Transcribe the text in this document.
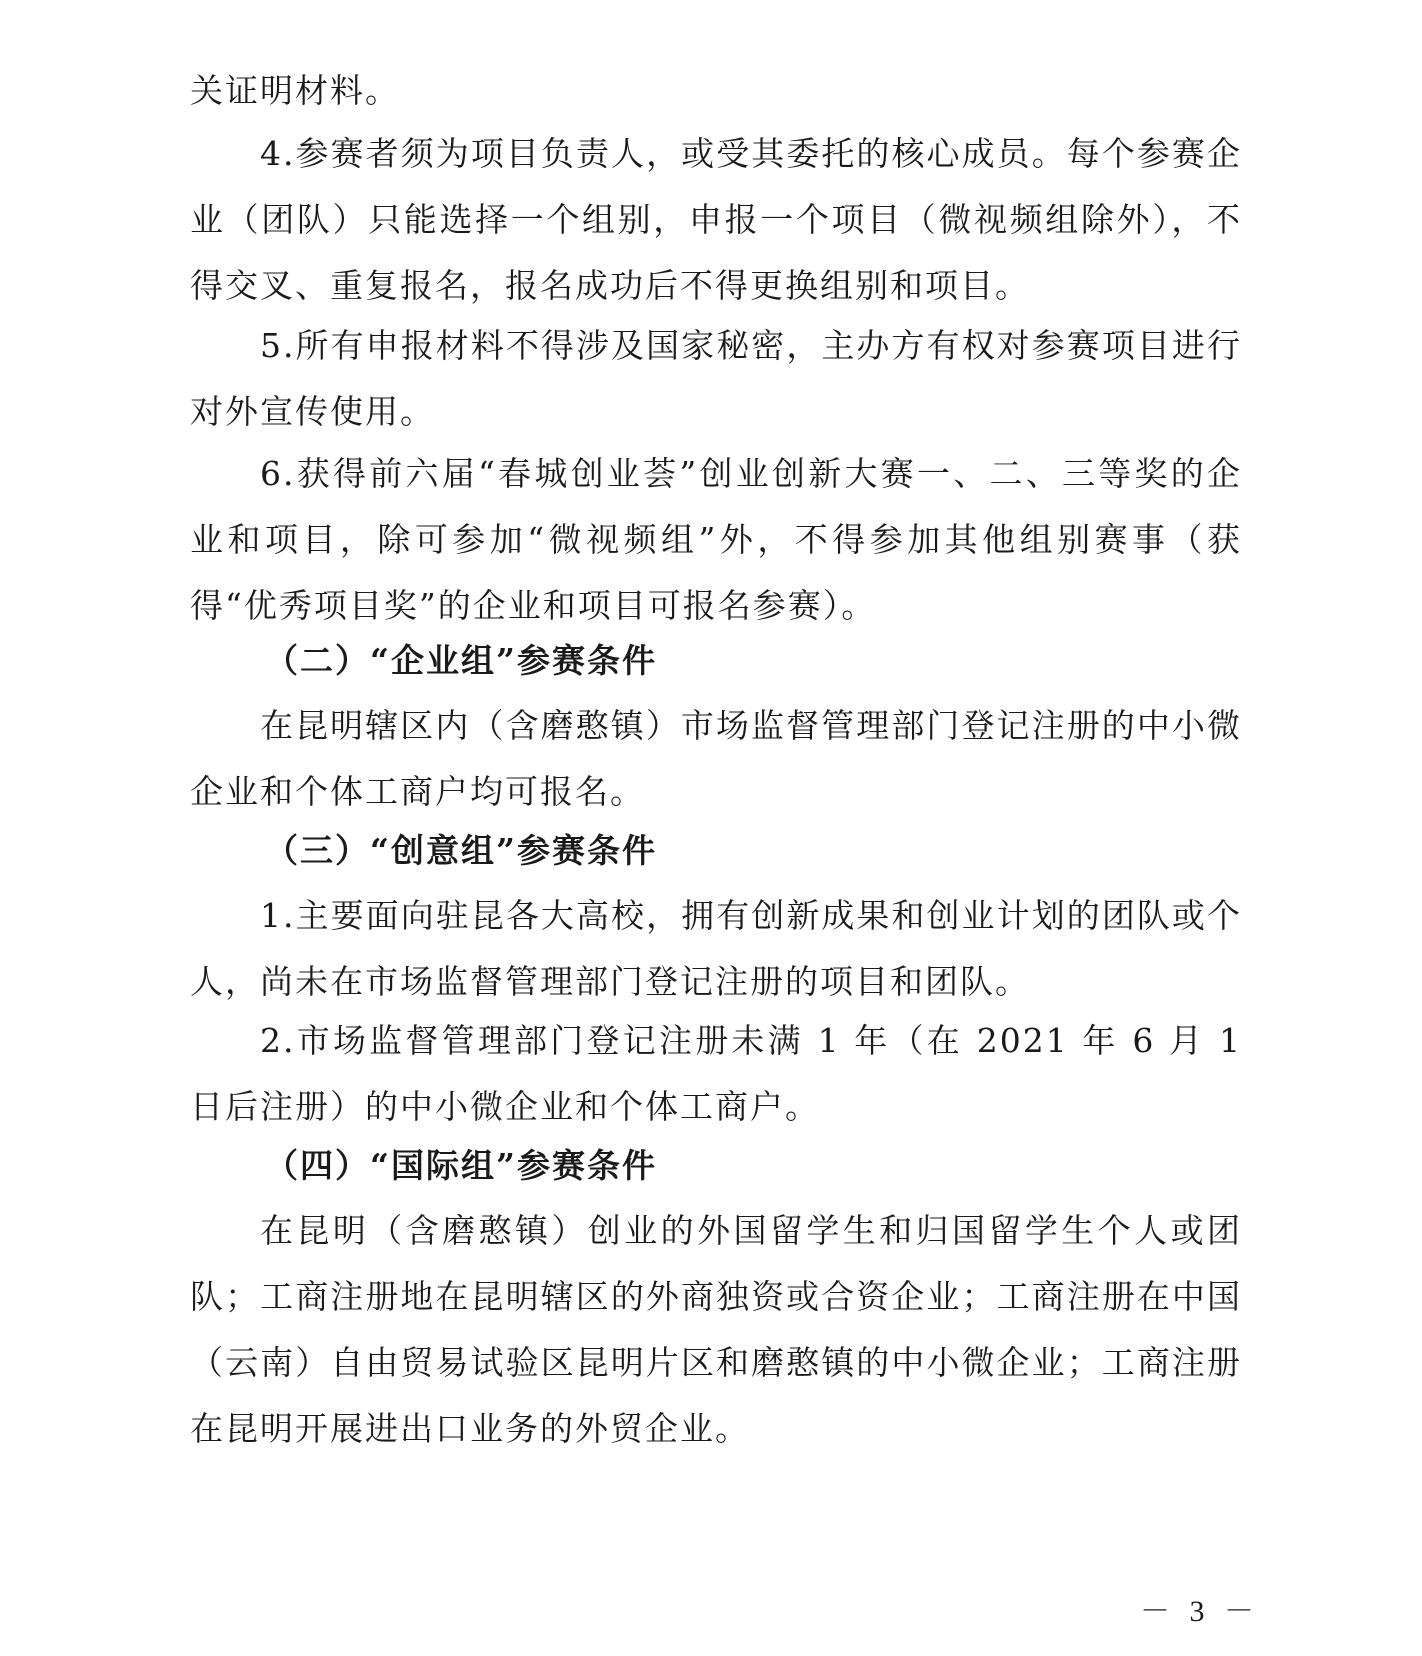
关证明材料。

4.参赛者须为项目负责人，或受其委托的核心成员。每个参赛企业（团队）只能选择一个组别，申报一个项目（微视频组除外），不得交叉、重复报名，报名成功后不得更换组别和项目。

5.所有申报材料不得涉及国家秘密，主办方有权对参赛项目进行对外宣传使用。

6.获得前六届“春城创业荟”创业创新大赛一、二、三等奖的企业和项目，除可参加“微视频组”外，不得参加其他组别赛事（获得“优秀项目奖”的企业和项目可报名参赛）。

（二）“企业组”参赛条件

在昆明辖区内（含磨憨镇）市场监督管理部门登记注册的中小微企业和个体工商户均可报名。

（三）“创意组”参赛条件

1.主要面向驻昆各大高校，拥有创新成果和创业计划的团队或个人，尚未在市场监督管理部门登记注册的项目和团队。

2.市场监督管理部门登记注册未满 1 年（在 2021 年 6 月 1 日后注册）的中小微企业和个体工商户。

（四）“国际组”参赛条件

在昆明（含磨憨镇）创业的外国留学生和归国留学生个人或团队；工商注册地在昆明辖区的外商独资或合资企业；工商注册在中国（云南）自由贸易试验区昆明片区和磨憨镇的中小微企业；工商注册在昆明开展进出口业务的外贸企业。

－ 3 －
